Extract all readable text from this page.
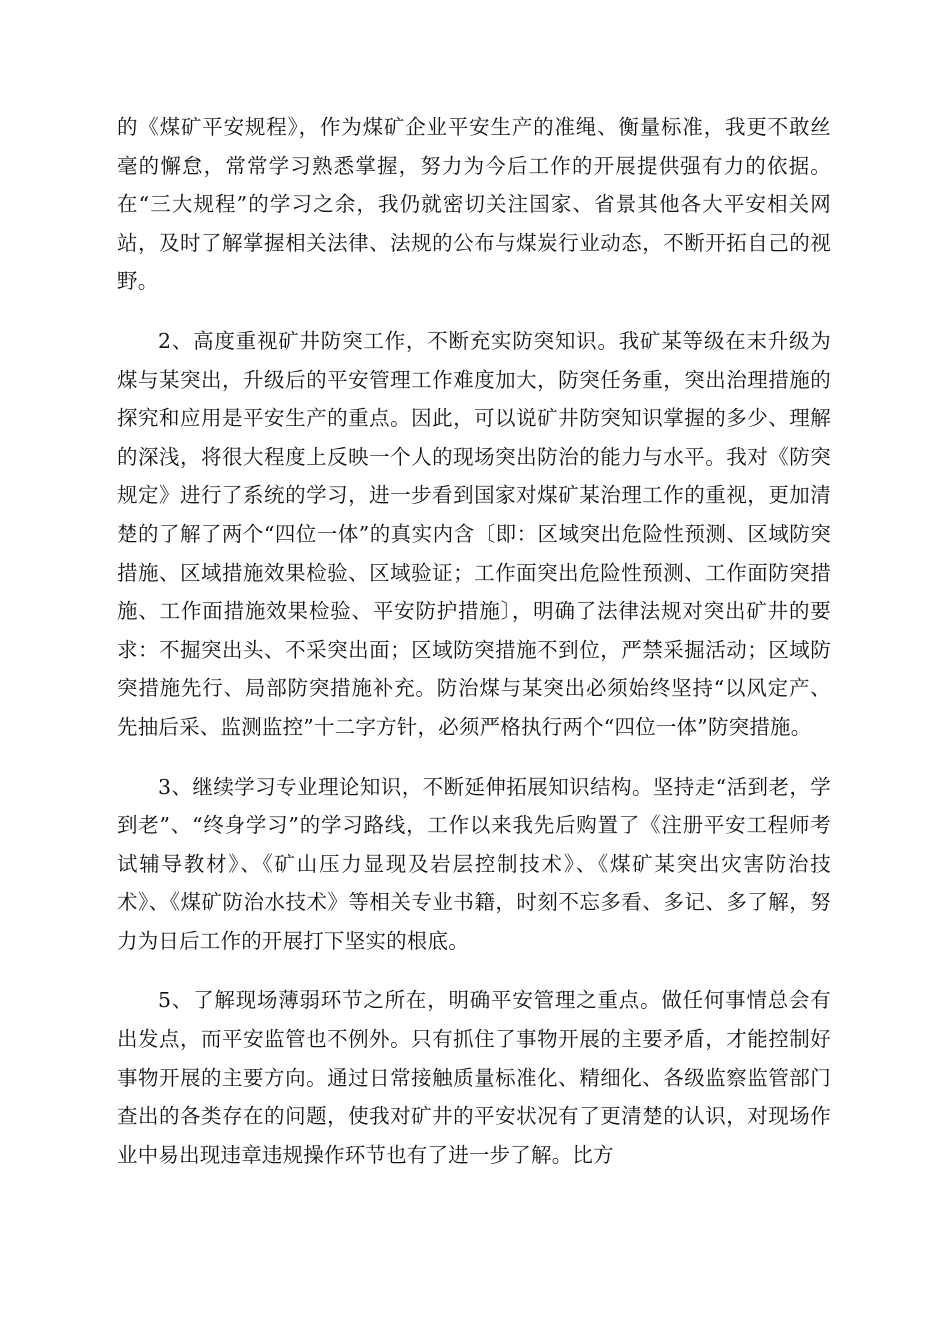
的《煤矿平安规程》，作为煤矿企业平安生产的准绳、衡量标准，我更不敢丝毫的懈怠，常常学习熟悉掌握，努力为今后工作的开展提供强有力的依据。在“三大规程”的学习之余，我仍就密切关注国家、省景其他各大平安相关网站，及时了解掌握相关法律、法规的公布与煤炭行业动态，不断开拓自己的视野。

2、高度重视矿井防突工作，不断充实防突知识。我矿某等级在末升级为煤与某突出，升级后的平安管理工作难度加大，防突任务重，突出治理措施的探究和应用是平安生产的重点。因此，可以说矿井防突知识掌握的多少、理解的深浅，将很大程度上反映一个人的现场突出防治的能力与水平。我对《防突规定》进行了系统的学习，进一步看到国家对煤矿某治理工作的重视，更加清楚的了解了两个“四位一体”的真实内含〔即：区域突出危险性预测、区域防突措施、区域措施效果检验、区域验证；工作面突出危险性预测、工作面防突措施、工作面措施效果检验、平安防护措施〕，明确了法律法规对突出矿井的要求：不掘突出头、不采突出面；区域防突措施不到位，严禁采掘活动；区域防突措施先行、局部防突措施补充。防治煤与某突出必须始终坚持“以风定产、先抽后采、监测监控”十二字方针，必须严格执行两个“四位一体”防突措施。

3、继续学习专业理论知识，不断延伸拓展知识结构。坚持走“活到老，学到老”、“终身学习”的学习路线，工作以来我先后购置了《注册平安工程师考试辅导教材》、《矿山压力显现及岩层控制技术》、《煤矿某突出灾害防治技术》、《煤矿防治水技术》等相关专业书籍，时刻不忘多看、多记、多了解，努力为日后工作的开展打下坚实的根底。

5、了解现场薄弱环节之所在，明确平安管理之重点。做任何事情总会有出发点，而平安监管也不例外。只有抓住了事物开展的主要矛盾，才能控制好事物开展的主要方向。通过日常接触质量标准化、精细化、各级监察监管部门查出的各类存在的问题，使我对矿井的平安状况有了更清楚的认识，对现场作业中易出现违章违规操作环节也有了进一步了解。比方
